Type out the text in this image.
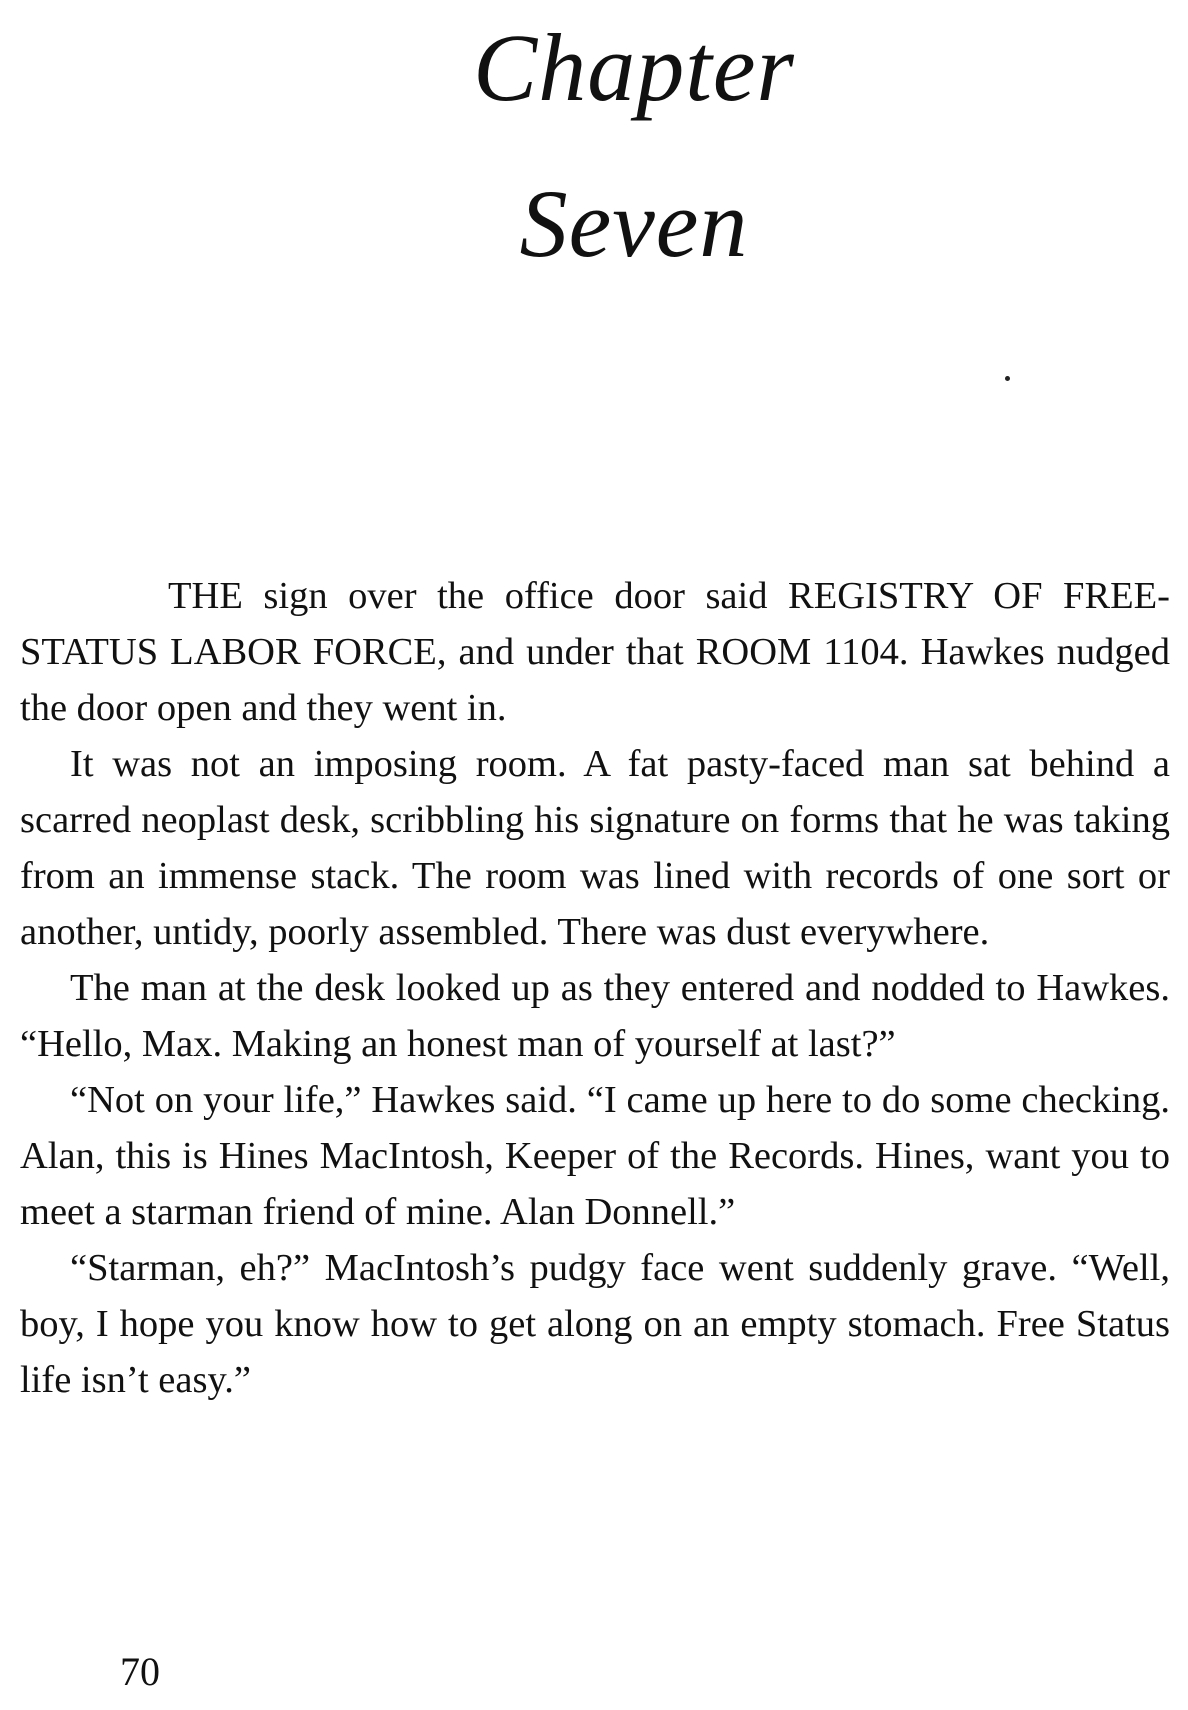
Chapter
Seven

THE sign over the office door said REGISTRY OF FREE-STATUS LABOR FORCE, and under that ROOM 1104. Hawkes nudged the door open and they went in.

It was not an imposing room. A fat pasty-faced man sat behind a scarred neoplast desk, scribbling his signature on forms that he was taking from an immense stack. The room was lined with records of one sort or another, untidy, poorly assembled. There was dust everywhere.

The man at the desk looked up as they entered and nodded to Hawkes. “Hello, Max. Making an honest man of yourself at last?”

“Not on your life,” Hawkes said. “I came up here to do some checking. Alan, this is Hines MacIntosh, Keeper of the Records. Hines, want you to meet a starman friend of mine. Alan Donnell.”

“Starman, eh?” MacIntosh’s pudgy face went suddenly grave. “Well, boy, I hope you know how to get along on an empty stomach. Free Status life isn’t easy.”

70
